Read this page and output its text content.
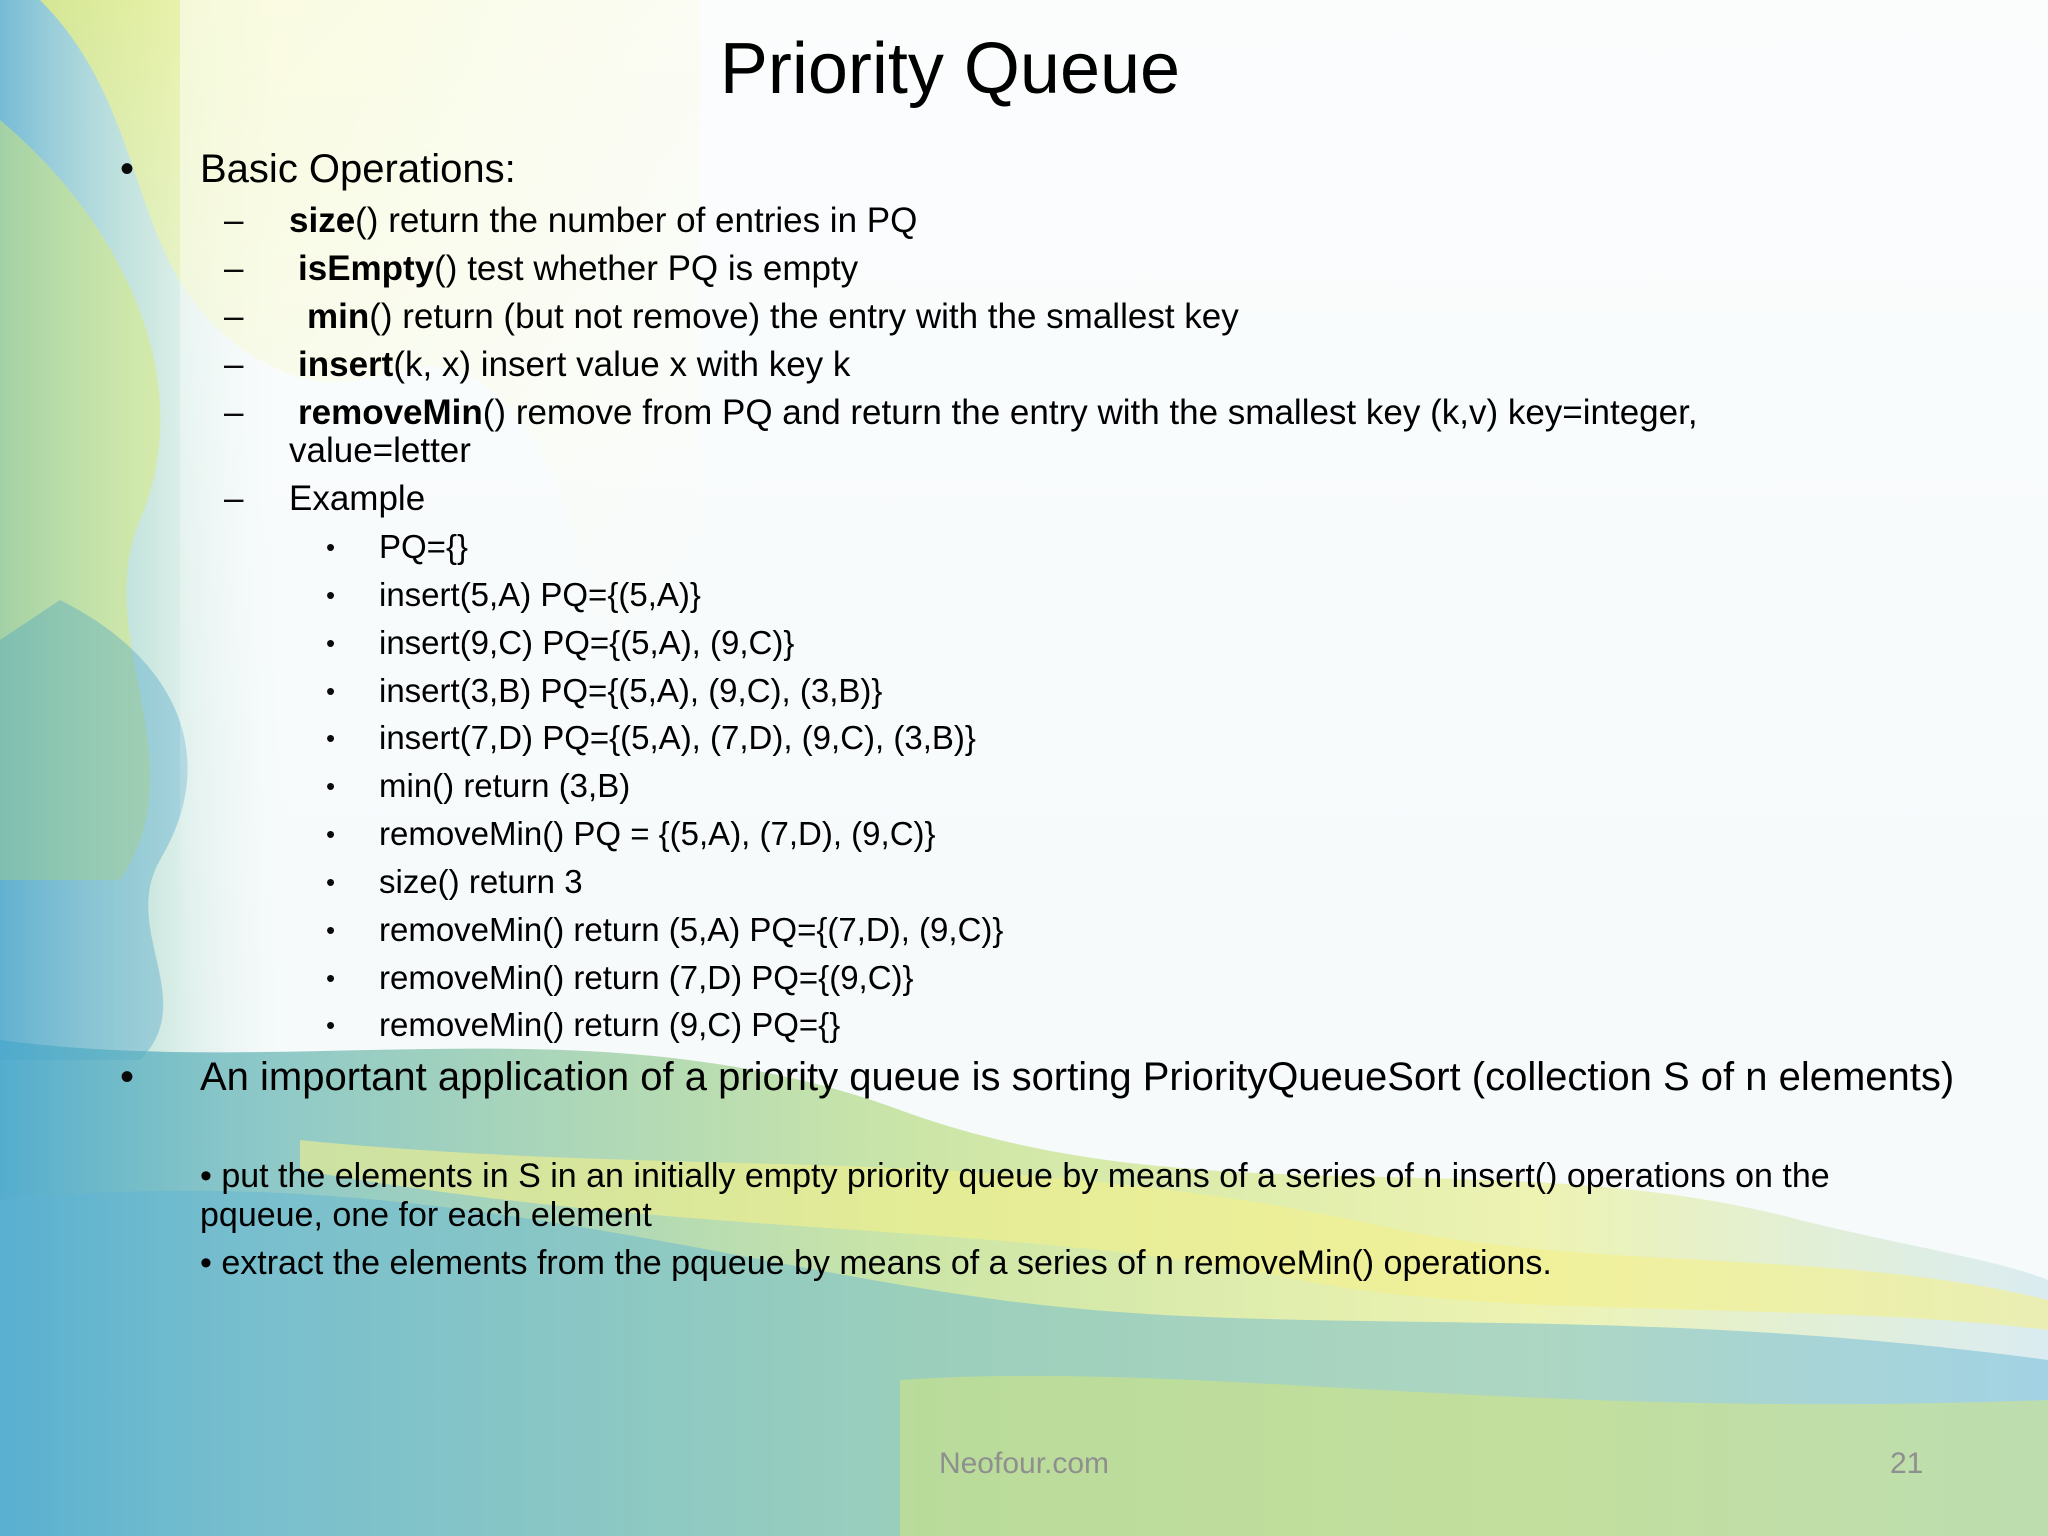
Priority Queue
• Basic Operations:
– size() return the number of entries in PQ
– isEmpty() test whether PQ is empty
– min() return (but not remove) the entry with the smallest key
– insert(k, x) insert value x with key k
– removeMin() remove from PQ and return the entry with the smallest key (k,v) key=integer,
value=letter
– Example
• PQ={}
• insert(5,A) PQ={(5,A)}
• insert(9,C) PQ={(5,A), (9,C)}
• insert(3,B) PQ={(5,A), (9,C), (3,B)}
• insert(7,D) PQ={(5,A), (7,D), (9,C), (3,B)}
• min() return (3,B)
• removeMin() PQ = {(5,A), (7,D), (9,C)}
• size() return 3
• removeMin() return (5,A) PQ={(7,D), (9,C)}
• removeMin() return (7,D) PQ={(9,C)}
• removeMin() return (9,C) PQ={}
• An important application of a priority queue is sorting PriorityQueueSort (collection S of n elements)
• put the elements in S in an initially empty priority queue by means of a series of n insert() operations on the pqueue, one for each element
• extract the elements from the pqueue by means of a series of n removeMin() operations.
Neofour.com	21
